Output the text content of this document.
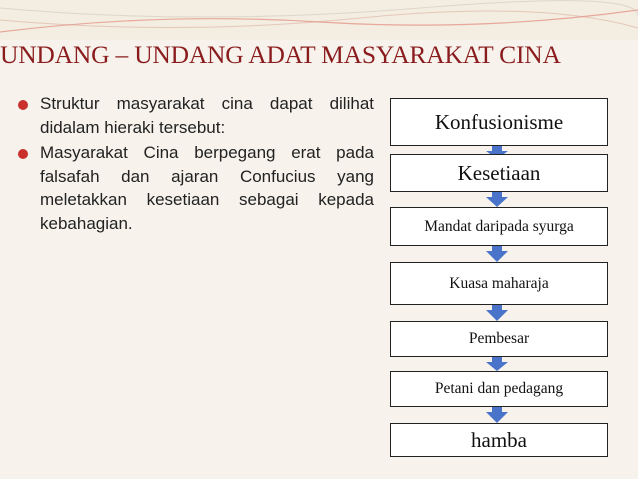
UNDANG – UNDANG ADAT MASYARAKAT CINA
Struktur masyarakat cina dapat dilihat didalam hieraki tersebut:
Masyarakat Cina berpegang erat pada falsafah dan ajaran Confucius yang meletakkan kesetiaan sebagai kepada kebahagian.
Konfusionisme
Kesetiaan
Mandat daripada syurga
Kuasa maharaja
Pembesar
Petani dan pedagang
hamba
